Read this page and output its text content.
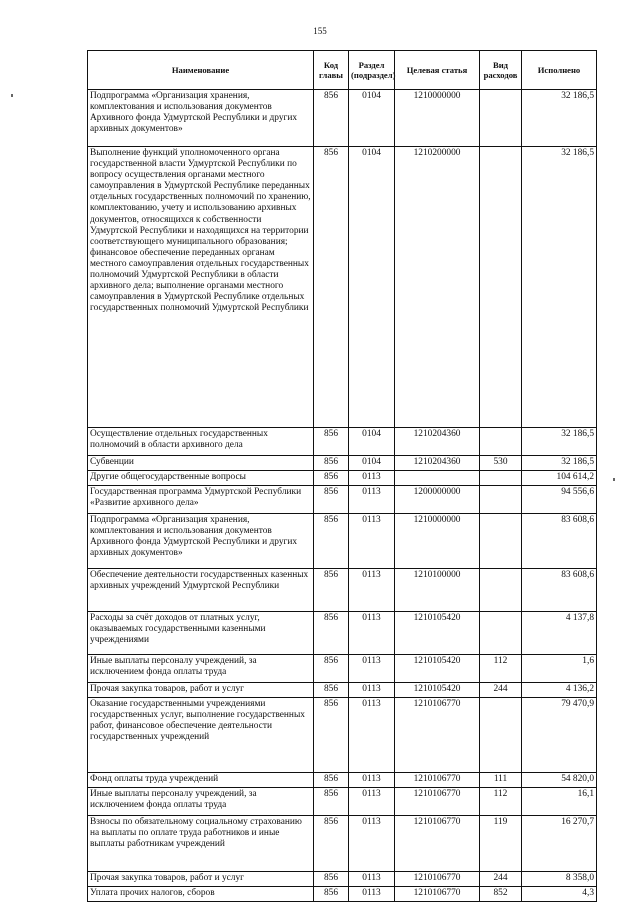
155
Наименование	Код главы	Раздел (подраздел)	Целевая статья	Вид расходов	Исполнено
Подпрограмма «Организация хранения, комплектования и использования документов Архивного фонда Удмуртской Республики и других архивных документов»	856	0104	1210000000		32 186,5
Выполнение функций уполномоченного органа государственной власти Удмуртской Республики по вопросу осуществления органами местного самоуправления в Удмуртской Республике переданных отдельных государственных полномочий по хранению, комплектованию, учету и использованию архивных документов, относящихся к собственности Удмуртской Республики и находящихся на территории соответствующего муниципального образования; финансовое обеспечение переданных органам местного самоуправления отдельных государственных полномочий Удмуртской Республики в области архивного дела; выполнение органами местного самоуправления в Удмуртской Республике отдельных государственных полномочий Удмуртской Республики	856	0104	1210200000		32 186,5
Осуществление отдельных государственных полномочий в области архивного дела	856	0104	1210204360		32 186,5
Субвенции	856	0104	1210204360	530	32 186,5
Другие общегосударственные вопросы	856	0113			104 614,2
Государственная программа Удмуртской Республики «Развитие архивного дела»	856	0113	1200000000		94 556,6
Подпрограмма «Организация хранения, комплектования и использования документов Архивного фонда Удмуртской Республики и других архивных документов»	856	0113	1210000000		83 608,6
Обеспечение деятельности государственных казенных архивных учреждений Удмуртской Республики	856	0113	1210100000		83 608,6
Расходы за счёт доходов от платных услуг, оказываемых государственными казенными учреждениями	856	0113	1210105420		4 137,8
Иные выплаты персоналу учреждений, за исключением фонда оплаты труда	856	0113	1210105420	112	1,6
Прочая закупка товаров, работ и услуг	856	0113	1210105420	244	4 136,2
Оказание государственными учреждениями государственных услуг, выполнение государственных работ, финансовое обеспечение деятельности государственных учреждений	856	0113	1210106770		79 470,9
Фонд оплаты труда учреждений	856	0113	1210106770	111	54 820,0
Иные выплаты персоналу учреждений, за исключением фонда оплаты труда	856	0113	1210106770	112	16,1
Взносы по обязательному социальному страхованию на выплаты по оплате труда работников и иные выплаты работникам учреждений	856	0113	1210106770	119	16 270,7
Прочая закупка товаров, работ и услуг	856	0113	1210106770	244	8 358,0
Уплата прочих налогов, сборов	856	0113	1210106770	852	4,3
